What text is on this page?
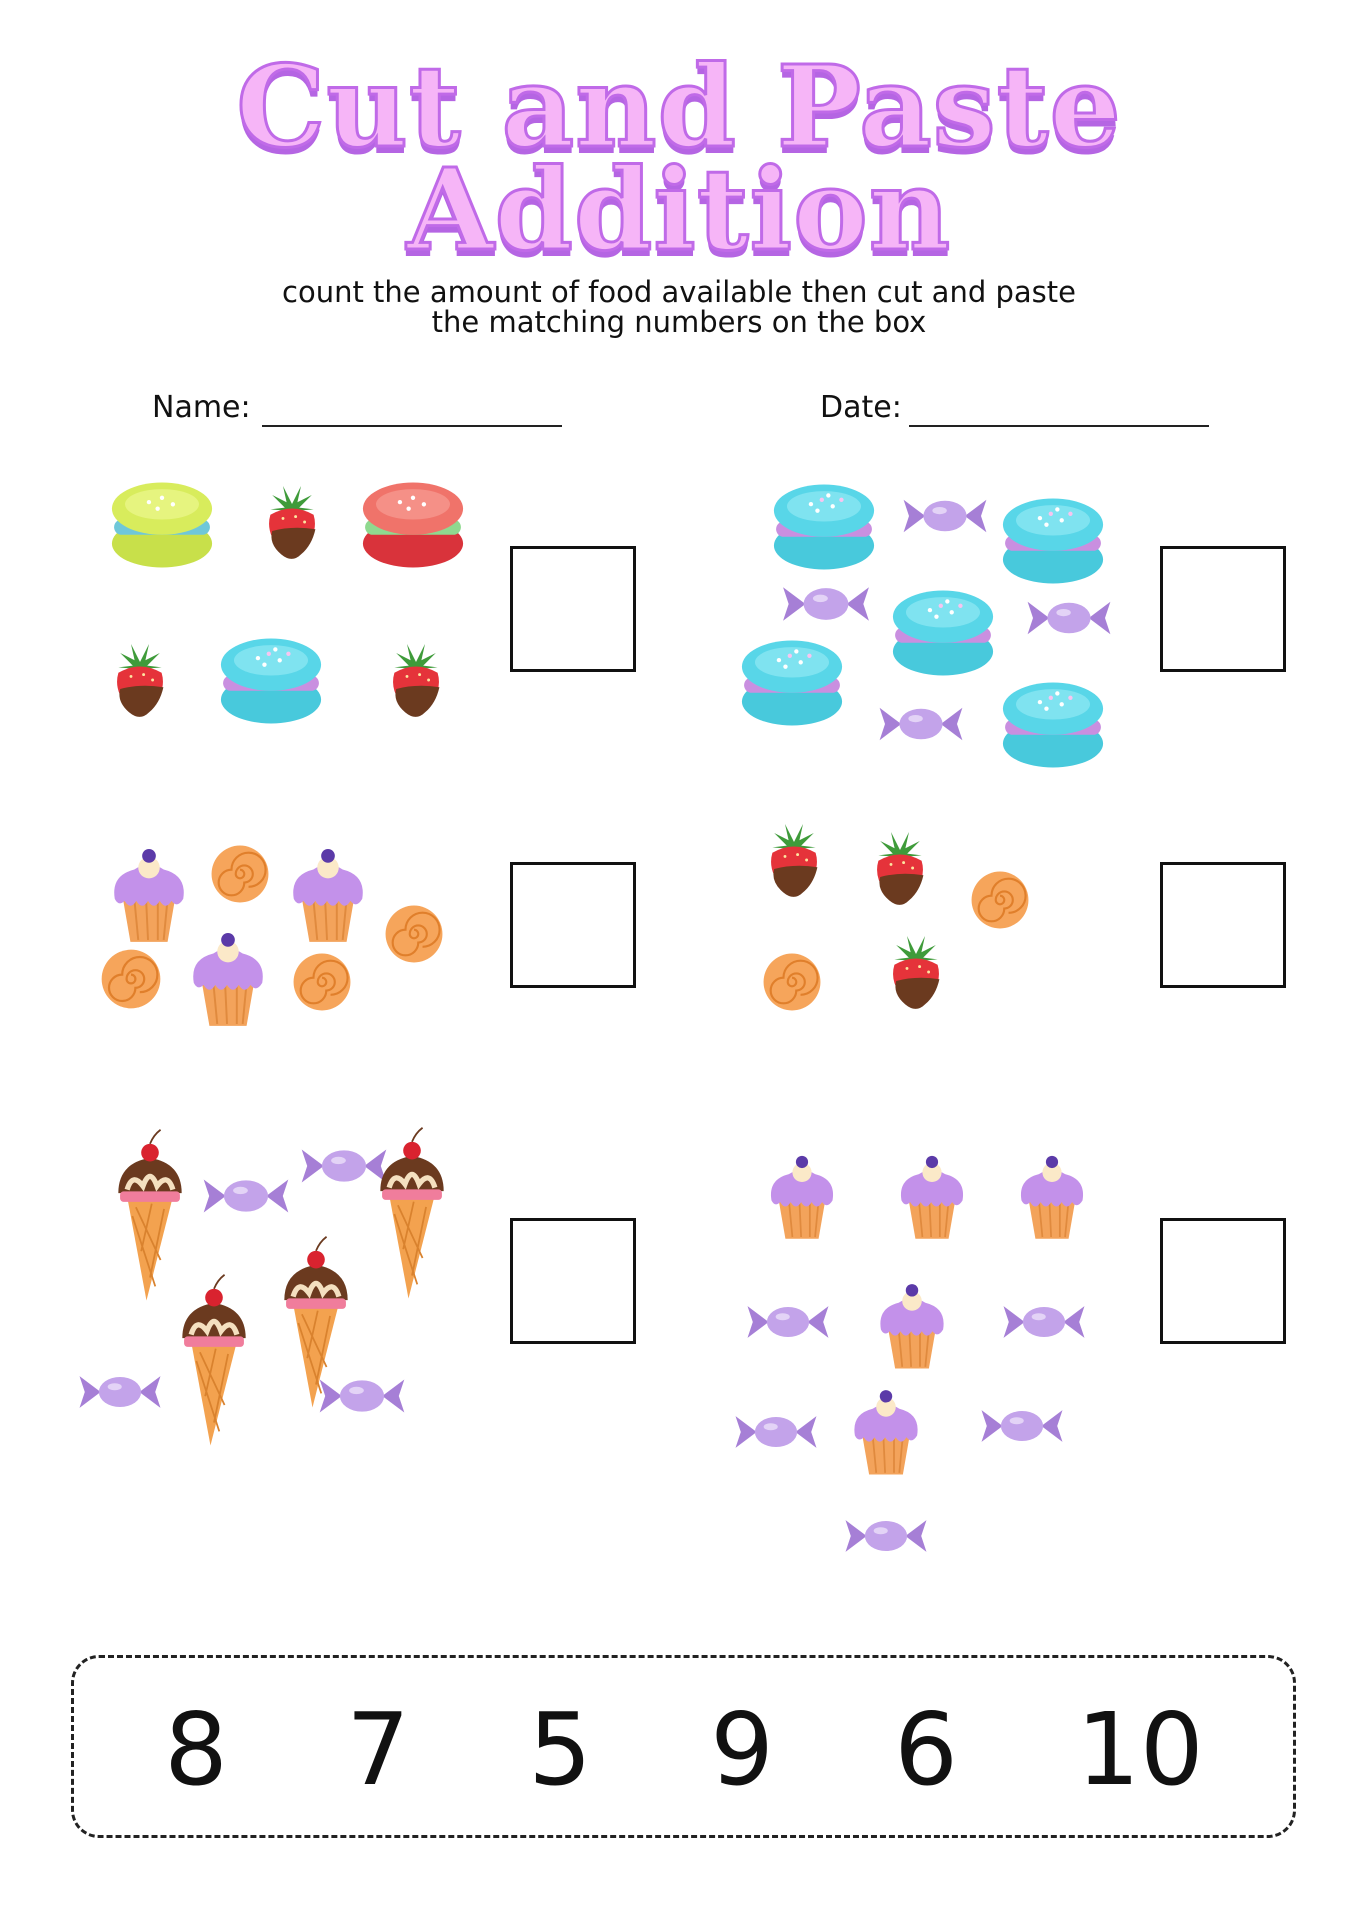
Cut and Paste
Addition
count the amount of food available then cut and paste
the matching numbers on the box
Name:	Date:
8	7	5	9	6	10
